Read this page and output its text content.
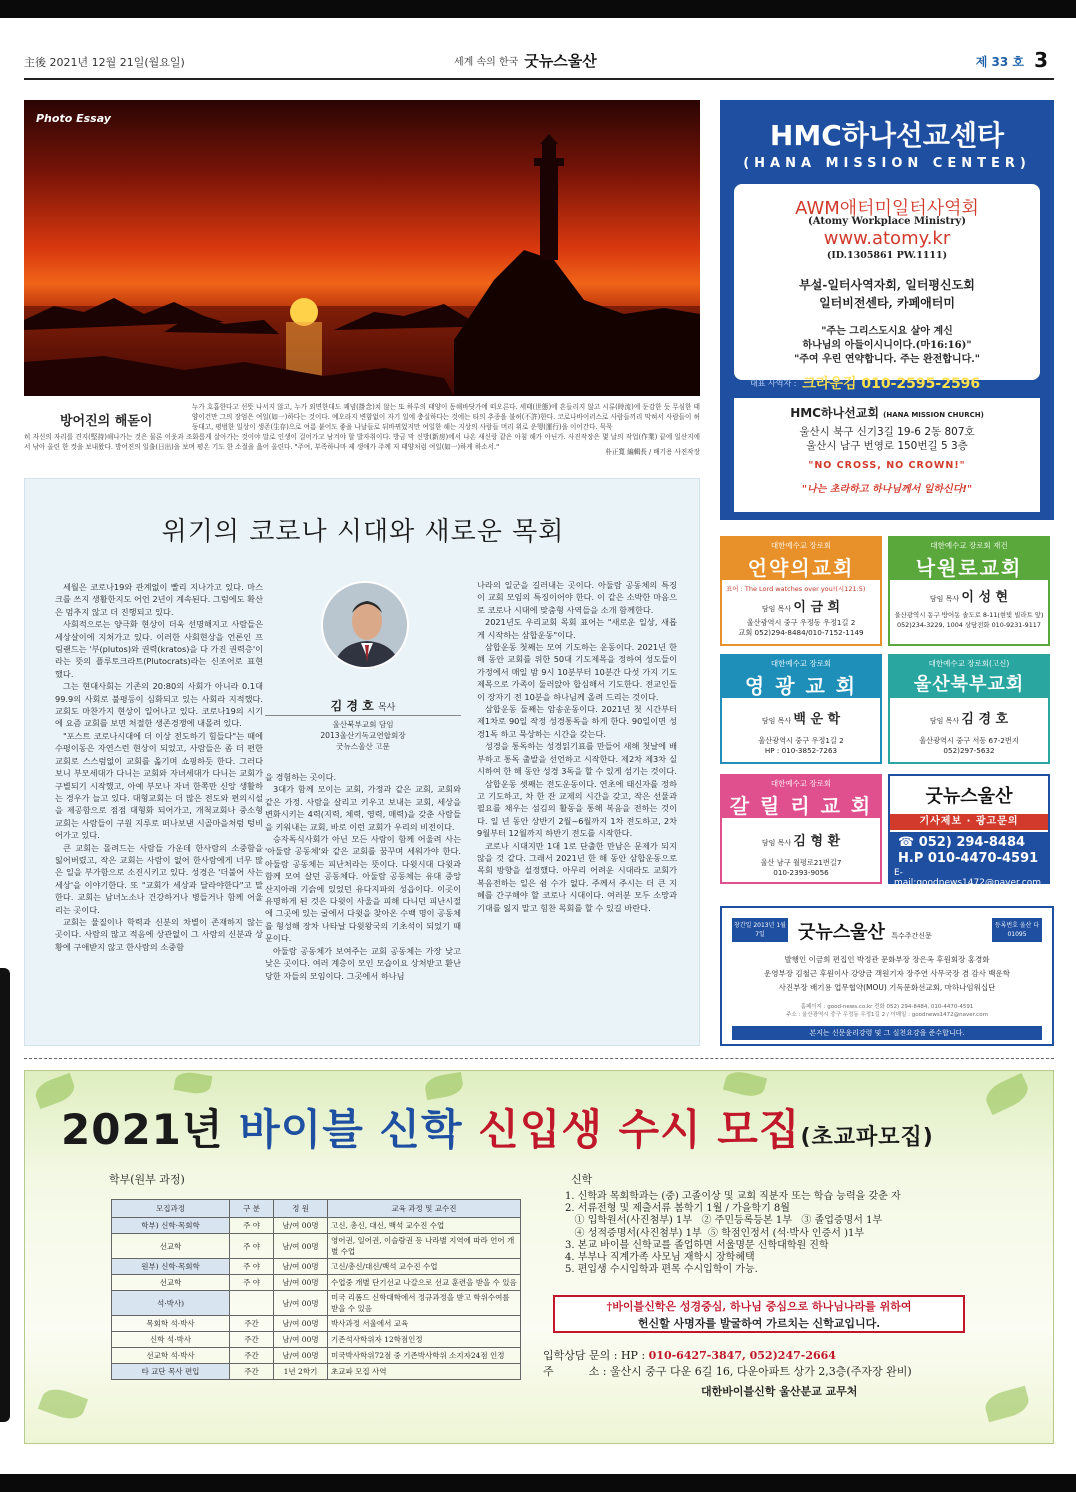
主後 2021년 12월 21일(월요일)	세계 속의 한국 굿뉴스울산	제 33 호 3
Photo Essay
방어진의 해돋이
누가 호흡한다고 선뜻 나서지 않고, 누가 외면한대도 쾌념(掛念)치 않는 또 하루의 태양이 동해바닷가에 떠오른다. 세태(世態)에 흔들리지 않고 시류(時流)에 둔감한 듯 무심한 태양이건만 그의 장엄은 여일(如一)하다는 것이다. 예오라지 변함없이 자기 일에 충실하다는 것에는 타의 추종을 불허(不許)한다. 코로나바이러스로 사람들끼리 막혀서 사람들이 허둥대고, 평범한 일상이 생존(生存)으로 여름 붙어도 좋을 나날들로 뒤바뀌었지만 여일한 해는 지상의 사람들 머리 위로 운행(運行)을 이어간다. 묵묵
히 자신의 자리를 견지(堅持)해나가는 것은 물론 이웃과 조화롭게 살아가는 것이야 말로 인생이 걸어가고 남겨야 할 발자취이다. 방금 막 신방(新房)에서 나온 새신랑 같은 아침 해가 아닌가. 사진작장은 몇 날의 작업(作業) 끝에 일산지에서 낚아 올린 한 컷을 보내왔다. 방어진의 일출(日出)을 보며 평온 기도 한 소절을 읊어 올린다. "주여, 부족하나마 제 생애가 주께 저 태양처럼 여일(如一)하게 하소서."
朴正寬 編輯長 / 배기용 사진작장
위기의 코로나 시대와 새로운 목회

세월은 코로나19와 관계없이 빨리 지나가고 있다. 마스크를 쓰지 생활한지도 어언 2년이 계속된다. 그럼에도 확산은 멈추지 않고 더 진행되고 있다.

사회적으로는 양극화 현상이 더욱 선명해지고 사람들은 세상살이에 지쳐가고 있다. 이러한 사회현상을 언론인 프림랜드는 '부(plutos)와 권력(kratos)을 다 가진 권력층'이라는 뜻의 플루토크라트(Plutocrats)라는 신조어로 표현했다.

그는 현대사회는 기존의 20:80의 사회가 아니라 0.1대 99.9의 사회로 불평등이 심화되고 있는 사회라 지적했다. 교회도 마찬가지 현상이 일어나고 있다. 코로나19의 시기에 요즘 교회를 보면 처절한 생존경쟁에 내몰려 있다.

"포스트 코로나시대에 더 이상 전도하기 힘들다"는 때에 수평이동은 자연스런 현상이 되었고, 사람들은 좀 더 편한 교회로 스스럼없이 교회를 옮기며 쇼핑하듯 한다. 그러다보니 부모세대가 다니는 교회와 자녀세대가 다니는 교회가 구별되기 시작했고, 아예 부모나 자녀 한쪽만 신앙 생활하는 경우가 늘고 있다. 대형교회는 더 많은 전도와 편의시설을 제공함으로 점점 대형화 되어가고, 개척교회나 중소형교회는 사람들이 구원 지루로 떠나보낸 시골마을처럼 텅비어가고 있다.

큰 교회는 몰려드는 사람들 가운데 한사람의 소중함을 잃어버렸고, 작은 교회는 사람이 없어 한사람에게 너무 많은 일을 부가함으로 소진시키고 있다. 성경은 '더불어 사는 세상'을 이야기한다. 또 "교회가 세상과 달라야한다"고 말한다. 교회는 남녀노소나 건강하거나 병들거나 함께 어울리는 곳이다.

교회는 물질이나 학력과 신분의 차별이 존재하지 않는 곳이다. 사람의 많고 적음에 상관없이 그 사람의 신분과 상황에 구애받지 않고 한사람의 소중함

김 경 호 목사
울산북부교회 담임
2013울산기독교연합회장
굿뉴스울산 고문

을 경험하는 곳이다.

3대가 함께 모이는 교회, 가정과 같은 교회, 교회와 같은 가정. 사람을 살리고 키우고 보내는 교회, 세상을 변화시키는 4력(지력, 체력, 영력, 매력)을 갖춘 사람들을 키워내는 교회, 바로 이런 교회가 우리의 비전이다.

승자독식사회가 아닌 모든 사람이 함께 어울려 사는 '아둘람 공동체'와 같은 교회를 꿈꾸며 세워가야 한다. 아둘람 공동체는 피난처라는 뜻이다. 다윗시대 다윗과 함께 모여 살던 공동체다. 아둘람 공동체는 유대 중앙 산지아래 기슭에 있었던 유다지파의 성읍이다. 이곳이 유명하게 된 것은 다윗이 사울을 피해 다니던 피난시절에 그곳에 있는 굴에서 다윗을 찾아온 수백 명이 공동체를 형성해 장차 나타날 다윗왕국의 기초석이 되었기 때문이다.

아둘람 공동체가 보여주는 교회 공동체는 가장 낮고 낮은 곳이다. 여러 계층이 모인 모습이요 상처받고 환난당한 자들의 모임이다. 그곳에서 하나님

나라의 일군을 길러내는 곳이다. 아둘람 공동체의 특징이 교회 모임의 특징이어야 한다. 이 같은 소박한 마음으로 코로나 시대에 맞춤형 사역들을 소개 함께한다.

2021년도 우리교회 목회 표어는 "새로운 일상, 새롭게 시작하는 삼합운동"이다.

삼합운동 첫째는 모여 기도하는 운동이다. 2021년 한 해 동안 교회를 위한 50대 기도제목을 정하여 성도들이 가정에서 매일 밤 9시 10분부터 10분간 다섯 가지 기도제목으로 가족이 둘러앉아 합심해서 기도한다. 전교인들이 장자기 전 10분을 하나님께 올려 드리는 것이다.

삼합운동 둘째는 암송운동이다. 2021년 첫 시간부터 제1차로 90일 작정 성경통독을 하게 한다. 90일이면 성경1독 하고 묵상하는 시간을 갖는다.

성경을 통독하는 성경읽기표를 만들어 새해 첫날에 배부하고 통독 출발을 선언하고 시작한다. 제2차 제3차 실시하여 한 해 동안 성경 3독을 할 수 있게 섬기는 것이다.

삼합운동 셋째는 전도운동이다. 연초에 태신자를 정하고 기도하고, 차 한 잔 교제의 시간을 갖고, 작은 선물과 필요를 채우는 섬김의 활동을 통해 복음을 전하는 것이다. 일 년 동안 상반기 2월~6월까지 1차 전도하고, 2차 9월부터 12월까지 하반기 전도를 시작한다.

코로나 시대지만 1대 1로 단출한 만남은 문제가 되지 않을 것 같다. 그래서 2021년 한 해 동안 삼합운동으로 목회 방향을 설정했다. 아무리 어려운 시대라도 교회가 복음전하는 일은 쉼 수가 없다. 주께서 주시는 더 큰 지혜를 간구해야 할 코로나 시대이다. 여러분 모두 소망과 기대를 잃지 말고 힘찬 목회를 할 수 있길 바란다.

HMC하나선교센타
(HANA MISSION CENTER)
AWM애터미일터사역회
(Atomy Workplace Ministry)
www.atomy.kr
(ID.1305861 PW.1111)
부설-일터사역자회, 일터평신도회
일터비전센타, 카페애터미
"주는 그리스도시요 살아 계신
하나님의 아들이시니이다.(마16:16)"
"주여 우린 연약합니다. 주는 완전합니다."
대표 사역자 : 크라운김 010-2595-2596
HMC하나선교회 (HANA MISSION CHURCH)
울산시 북구 신기3길 19-6 2동 807호
울산시 남구 번영로 150번길 5 3층
"NO CROSS, NO CROWN!"
"나는 초라하고 하나님께서 일하신다!"
대한예수교 장로회
언약의교회
표어 : The Lord watches over you!(시121:5)
담임 목사 이 금 희
울산광역시 중구 우정동 우정1길 2
교회 052)294-8484/010-7152-1149
대한예수교 장로회 재건
낙원로교회
담임 목사 이 성 현
울산광역시 동구 방어동 솔도로 8-11(현빛 빌라트 앞)
052)234-3229, 1004 상담전화 010-9231-9117
대한예수교 장로회
영 광 교 회
담임 목사 백 운 학
울산광역시 중구 우정1길 2
HP : 010-3852-7263
대한예수교 장로회(고신)
울산북부교회
담임 목사 김 경 호
울산광역시 중구 서동 67-2번지
052)297-5632
대한예수교 장로회
갈 릴 리 교 회
담임 목사 김 형 환
울산 남구 월평로21번길7
010-2393-9056
굿뉴스울산
기사제보 · 광고문의
☎ 052) 294-8484
H.P 010-4470-4591
E-mail:goodnews1472@naver.com
창간일 2013년 1월 7일	굿뉴스울산 특수주간신문
등록번호 울산 다 01095
발행인 이금희 편집인 박정관 문화부장 장은옥 후원회장 홍경화
운영부장 김철근 후원이사 강양금 객원기자 장주연 사무국장 겸 감사 백운학
사진부장 배기용 업무협약(MOU) 기독문화선교회, 마하나임워십단
홈페이지 : good-news.co.kr 전화 052) 294-8484, 010-4470-4591
주소 : 울산광역시 중구 우정동 우정1길 2 / 이메일 : goodnews1472@naver.com
본지는 신문윤리강령 및 그 실천요강을 준수합니다.
2021년 바이블 신학 신입생 수시 모집(초교파모집)
학부(원부 과정)	신학
모집과정	구 분	정 원	교육 과정 및 교수진
학부) 신학·목회학	주 야	남/여 00명	고신, 총신, 대신, 백석 교수진 수업
선교학	주 야	남/여 00명	영어권, 일어권, 이슬람권 등 나라별 지역에 따라 언어 개별 수업
원부) 신학·목회학	주 야	남/여 00명	고신/총신/대신/백석 교수진 수업
선교학	주 야	남/여 00명	수업중 개별 단기선교 나갈으로 선교 훈련을 받을 수 있음
석·박사)		남/여 00명	미국 리폼드 신학대학에서 정규과정을 받고 학위수여를 받을 수 있음
목회학 석·박사	주간	남/여 00명	박사과정 서울에서 교육
신학 석·박사	주간	남/여 00명	기존석사학위자 12학점인정
선교학 석·박사	주간	남/여 00명	미국박사학위72점 중 기존박사학위 소지자24점 인정
타 교단 목사 편입	주간	1년 2학기	초교파 모집 사역
1. 신학과 목회학과는 (중) 고졸이상 및 교회 직분자 또는 학습 능력을 갖춘 자
2. 서류전형 및 제출서류 봄학기 1월 / 가을학기 8월
① 입학원서(사진첨부) 1부   ② 주민등록등본 1부   ③ 졸업증명서 1부
④ 성적증명서(사진첨부) 1부  ⑤ 학점인정서 (석·박사 인증서 )1부
3. 본교 바이블 신학교를 졸업하면 서울명문 신학대학원 진학
4. 부부나 직계가족 사모님 재학시 장학혜택
5. 편입생 수시입학과 편목 수시입학이 가능.
†바이블신학은 성경중심, 하나님 중심으로 하나님나라를 위하여
헌신할 사명자를 발굴하여 가르치는 신학교입니다.
입학상담 문의 : HP : 010-6427-3847, 052)247-2664
주          소 : 울산시 중구 다운 6길 16, 다운아파트 상가 2,3층(주자장 완비)
대한바이블신학 울산분교 교무처
